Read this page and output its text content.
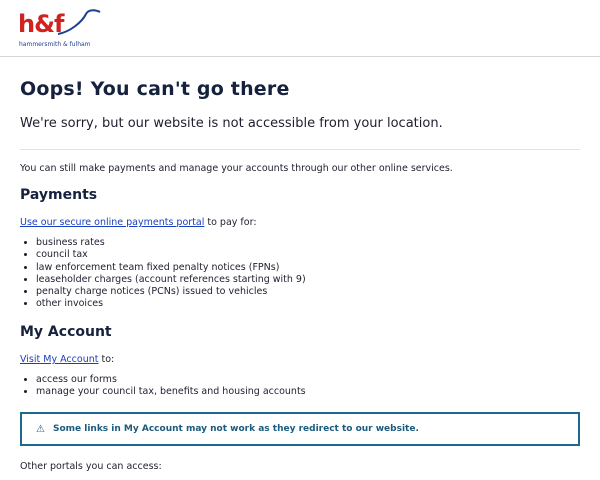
h&f
hammersmith & fulham
Oops! You can't go there

We're sorry, but our website is not accessible from your location.

You can still make payments and manage your accounts through our other online services.

Payments

Use our secure online payments portal to pay for:

• business rates
• council tax
• law enforcement team fixed penalty notices (FPNs)
• leaseholder charges (account references starting with 9)
• penalty charge notices (PCNs) issued to vehicles
• other invoices
My Account

Visit My Account to:

• access our forms
• manage your council tax, benefits and housing accounts
⚠ Some links in My Account may not work as they redirect to our website.

Other portals you can access:
